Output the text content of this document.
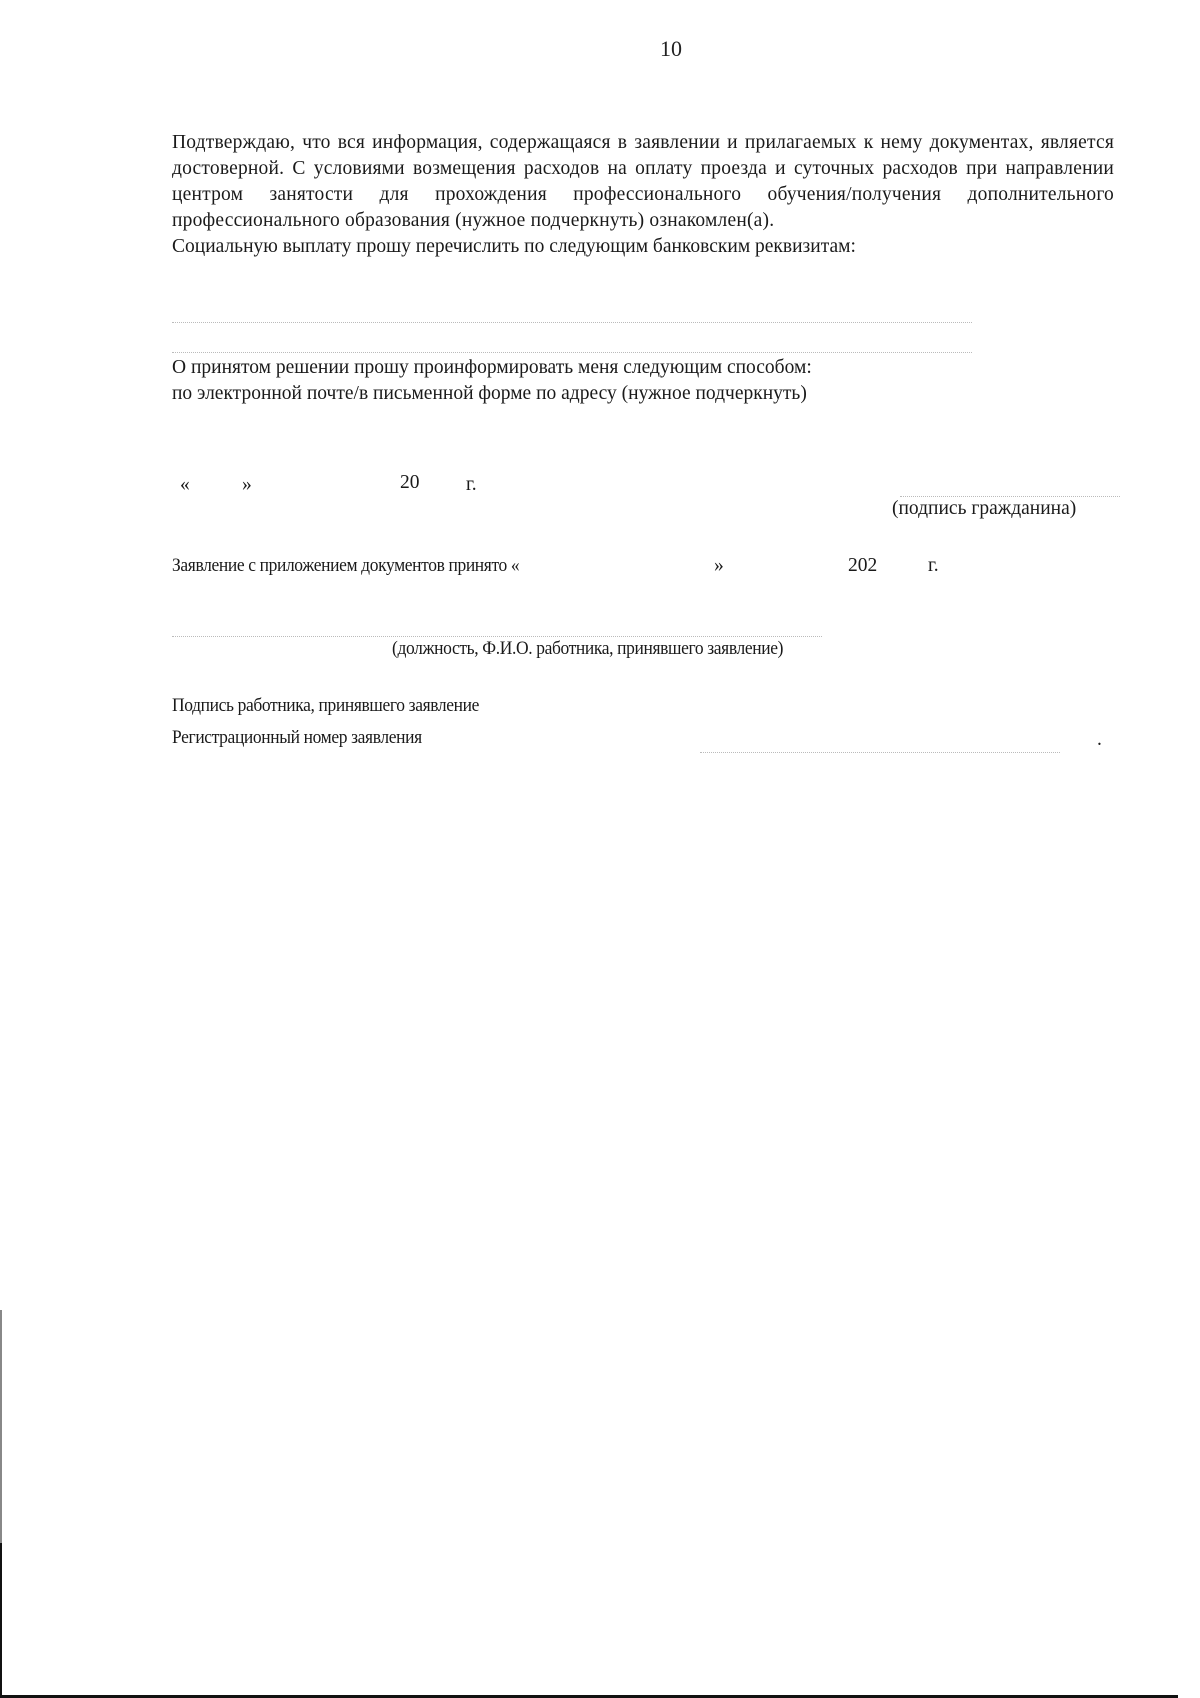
10
Подтверждаю, что вся информация, содержащаяся в заявлении и прилагаемых к нему документах, является достоверной. С условиями возмещения расходов на оплату проезда и суточных расходов при направлении центром занятости для прохождения профессионального обучения/получения дополнительного профессионального образования (нужное подчеркнуть) ознакомлен(а).
Социальную выплату прошу перечислить по следующим банковским реквизитам:
О принятом решении прошу проинформировать меня следующим способом:
по электронной почте/в письменной форме по адресу (нужное подчеркнуть)
«	»	20 г.
(подпись гражданина)
Заявление с приложением документов принято «	»	202	г.
(должность, Ф.И.О. работника, принявшего заявление)
Подпись работника, принявшего заявление
Регистрационный номер заявления	.
